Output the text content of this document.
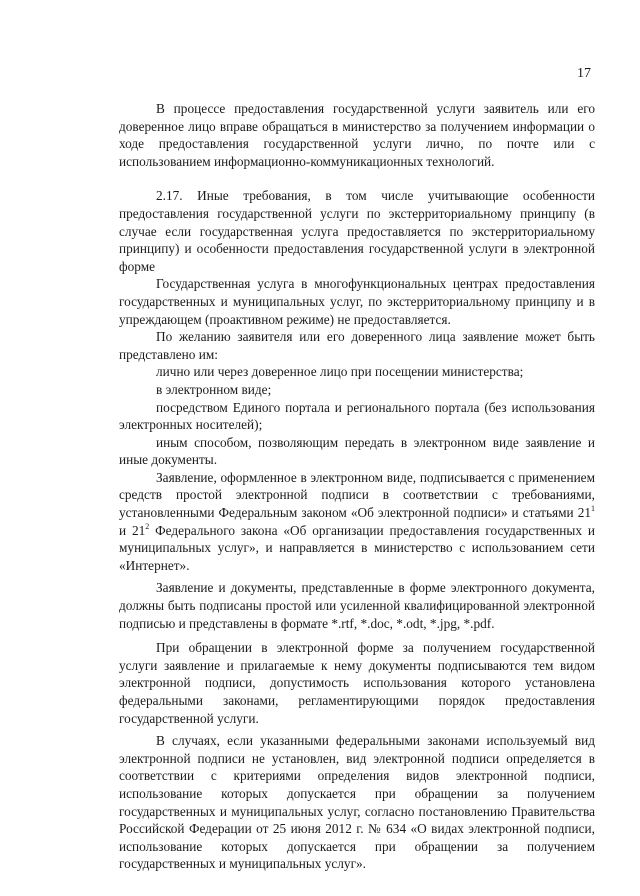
17

В процессе предоставления государственной услуги заявитель или его доверенное лицо вправе обращаться в министерство за получением информации о ходе предоставления государственной услуги лично, по почте или с использованием информационно-коммуникационных технологий.

2.17. Иные требования, в том числе учитывающие особенности предоставления государственной услуги по экстерриториальному принципу (в случае если государственная услуга предоставляется по экстерриториальному принципу) и особенности предоставления государственной услуги в электронной форме

Государственная услуга в многофункциональных центрах предоставления государственных и муниципальных услуг, по экстерриториальному принципу и в упреждающем (проактивном режиме) не предоставляется.

По желанию заявителя или его доверенного лица заявление может быть представлено им:

лично или через доверенное лицо при посещении министерства;

в электронном виде;

посредством Единого портала и регионального портала (без использования электронных носителей);

иным способом, позволяющим передать в электронном виде заявление и иные документы.

Заявление, оформленное в электронном виде, подписывается с применением средств простой электронной подписи в соответствии с требованиями, установленными Федеральным законом «Об электронной подписи» и статьями $21^1$ и $21^2$ Федерального закона «Об организации предоставления государственных и муниципальных услуг», и направляется в министерство с использованием сети «Интернет».

Заявление и документы, представленные в форме электронного документа, должны быть подписаны простой или усиленной квалифицированной электронной подписью и представлены в формате *.rtf, *.doc, *.odt, *.jpg, *.pdf.

При обращении в электронной форме за получением государственной услуги заявление и прилагаемые к нему документы подписываются тем видом электронной подписи, допустимость использования которого установлена федеральными законами, регламентирующими порядок предоставления государственной услуги.

В случаях, если указанными федеральными законами используемый вид электронной подписи не установлен, вид электронной подписи определяется в соответствии с критериями определения видов электронной подписи, использование которых допускается при обращении за получением государственных и муниципальных услуг, согласно постановлению Правительства Российской Федерации от 25 июня 2012 г. № 634 «О видах электронной подписи, использование которых допускается при обращении за получением государственных и муниципальных услуг».
